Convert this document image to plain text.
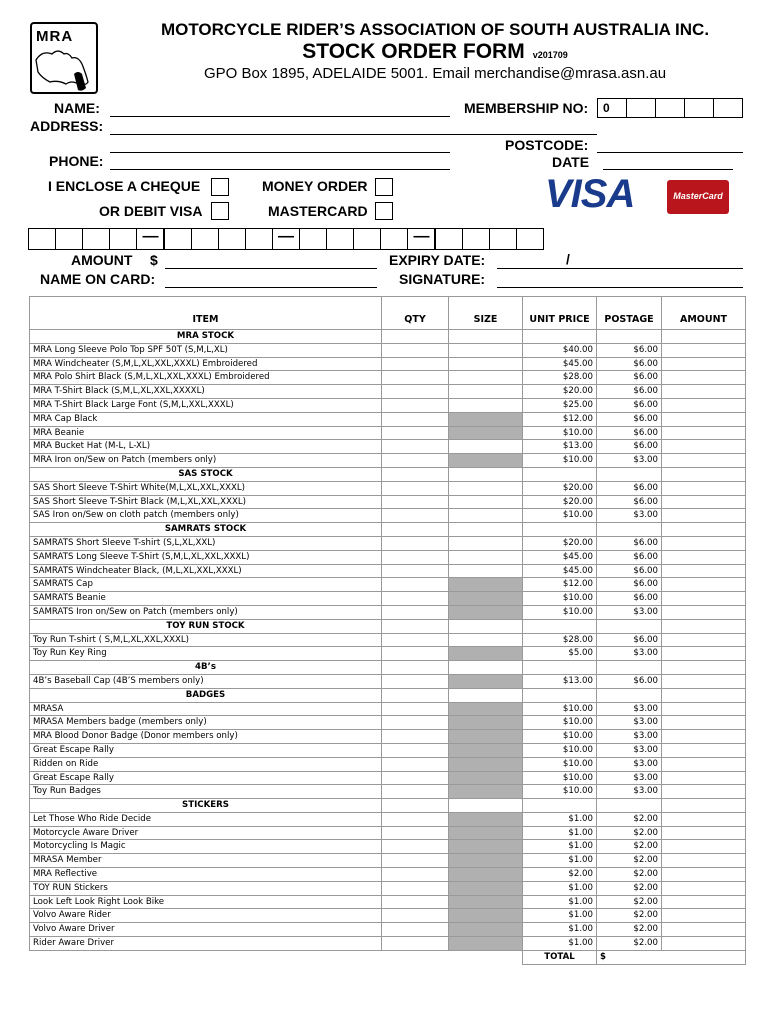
MRA	MOTORCYCLE RIDER’S ASSOCIATION OF SOUTH AUSTRALIA INC.
STOCK ORDER FORM v201709
GPO Box 1895, ADELAIDE 5001. Email merchandise@mrasa.asn.au
NAME:
ADDRESS:
PHONE:
MEMBERSHIP NO:	0
POSTCODE:
DATE
I ENCLOSE A CHEQUE	MONEY ORDER
OR DEBIT VISA	MASTERCARD	VISA	MasterCard
—	—	—
AMOUNT $
NAME ON CARD:
EXPIRY DATE:	/
SIGNATURE:
ITEM	QTY	SIZE	UNIT PRICE	POSTAGE	AMOUNT
MRA STOCK					
MRA Long Sleeve Polo Top SPF 50T (S,M,L,XL)			$40.00	$6.00	
MRA Windcheater (S,M,L,XL,XXL,XXXL) Embroidered			$45.00	$6.00	
MRA Polo Shirt Black (S,M,L,XL,XXL,XXXL) Embroidered			$28.00	$6.00	
MRA T-Shirt Black (S,M,L,XL,XXL,XXXXL)			$20.00	$6.00	
MRA T-Shirt Black Large Font (S,M,L,XXL,XXXL)			$25.00	$6.00	
MRA Cap Black			$12.00	$6.00	
MRA Beanie			$10.00	$6.00	
MRA Bucket Hat (M-L, L-XL)			$13.00	$6.00	
MRA Iron on/Sew on Patch (members only)			$10.00	$3.00	
SAS STOCK					
SAS Short Sleeve T-Shirt White(M,L,XL,XXL,XXXL)			$20.00	$6.00	
SAS Short Sleeve T-Shirt Black (M,L,XL,XXL,XXXL)			$20.00	$6.00	
SAS Iron on/Sew on cloth patch (members only)			$10.00	$3.00	
SAMRATS STOCK					
SAMRATS Short Sleeve T-shirt (S,L,XL,XXL)			$20.00	$6.00	
SAMRATS Long Sleeve T-Shirt (S,M,L,XL,XXL,XXXL)			$45.00	$6.00	
SAMRATS Windcheater Black, (M,L,XL,XXL,XXXL)			$45.00	$6.00	
SAMRATS Cap			$12.00	$6.00	
SAMRATS Beanie			$10.00	$6.00	
SAMRATS Iron on/Sew on Patch (members only)			$10.00	$3.00	
TOY RUN STOCK					
Toy Run T-shirt ( S,M,L,XL,XXL,XXXL)			$28.00	$6.00	
Toy Run Key Ring			$5.00	$3.00	
4B’s					
4B’s Baseball Cap (4B’S members only)			$13.00	$6.00	
BADGES					
MRASA			$10.00	$3.00	
MRASA Members badge (members only)			$10.00	$3.00	
MRA Blood Donor Badge (Donor members only)			$10.00	$3.00	
Great Escape Rally			$10.00	$3.00	
Ridden on Ride			$10.00	$3.00	
Great Escape Rally			$10.00	$3.00	
Toy Run Badges			$10.00	$3.00	
STICKERS					
Let Those Who Ride Decide			$1.00	$2.00	
Motorcycle Aware Driver			$1.00	$2.00	
Motorcycling Is Magic			$1.00	$2.00	
MRASA Member			$1.00	$2.00	
MRA Reflective			$2.00	$2.00	
TOY RUN Stickers			$1.00	$2.00	
Look Left Look Right Look Bike			$1.00	$2.00	
Volvo Aware Rider			$1.00	$2.00	
Volvo Aware Driver			$1.00	$2.00	
Rider Aware Driver			$1.00	$2.00	
			TOTAL	$	
